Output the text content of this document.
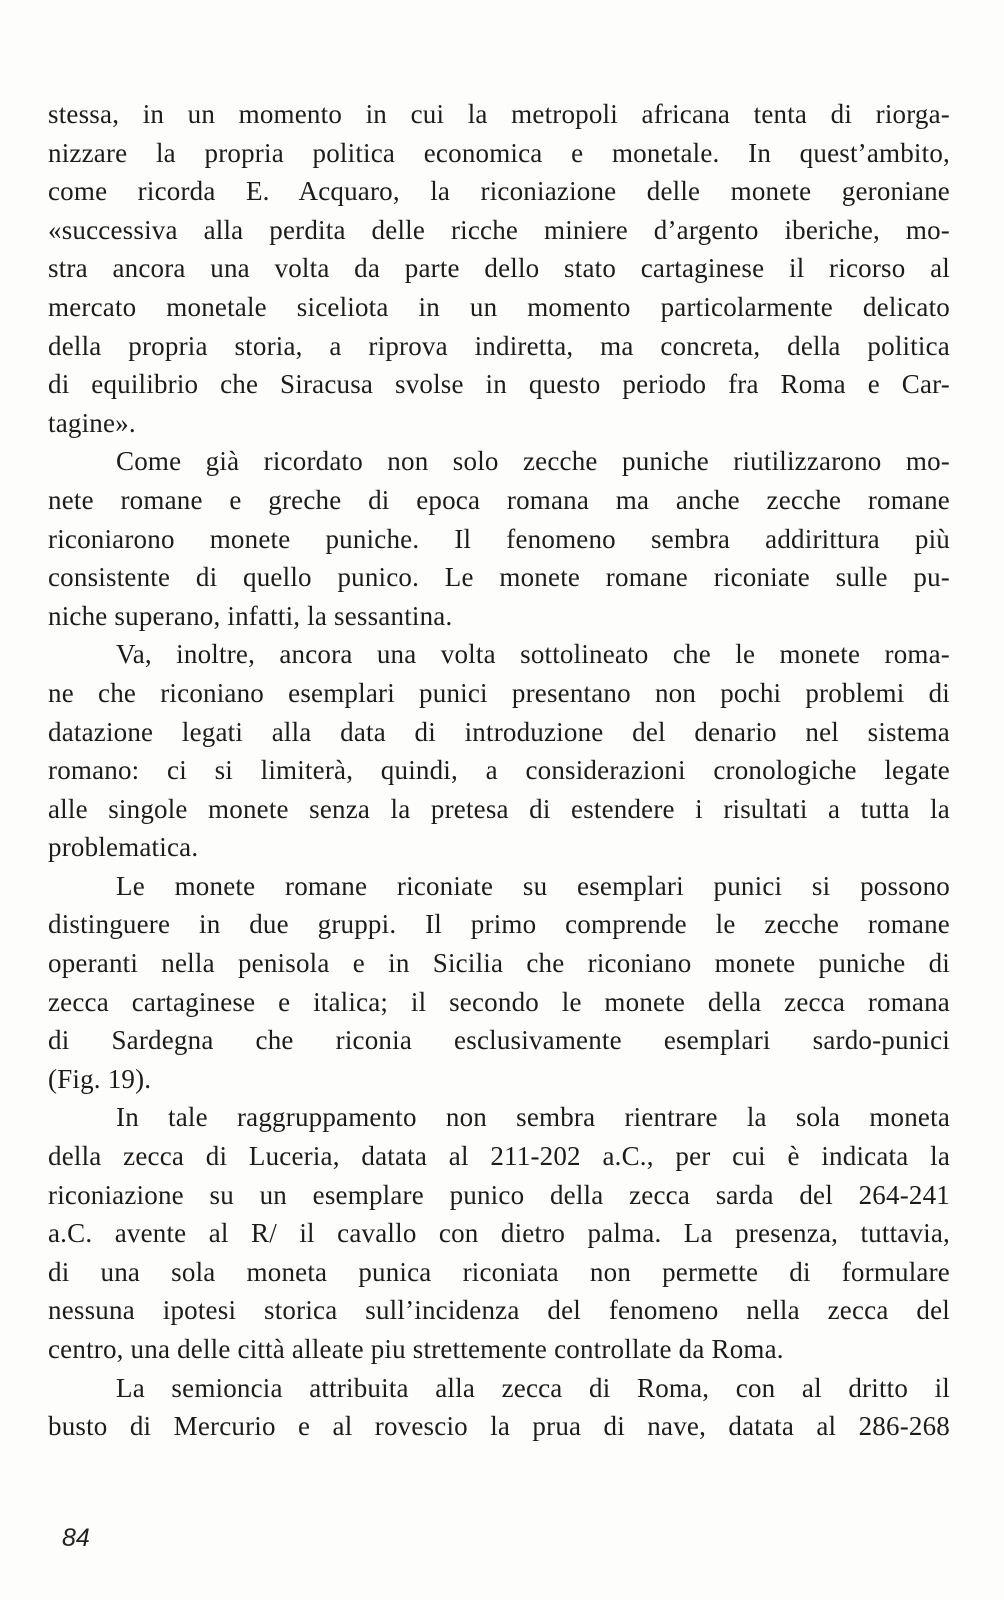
stessa, in un momento in cui la metropoli africana tenta di riorga-
nizzare la propria politica economica e monetale. In quest’ambito,
come ricorda E. Acquaro, la riconiazione delle monete geroniane
«successiva alla perdita delle ricche miniere d’argento iberiche, mo-
stra ancora una volta da parte dello stato cartaginese il ricorso al
mercato monetale siceliota in un momento particolarmente delicato
della propria storia, a riprova indiretta, ma concreta, della politica
di equilibrio che Siracusa svolse in questo periodo fra Roma e Car-
tagine».
Come già ricordato non solo zecche puniche riutilizzarono mo-
nete romane e greche di epoca romana ma anche zecche romane
riconiarono monete puniche. Il fenomeno sembra addirittura più
consistente di quello punico. Le monete romane riconiate sulle pu-
niche superano, infatti, la sessantina.
Va, inoltre, ancora una volta sottolineato che le monete roma-
ne che riconiano esemplari punici presentano non pochi problemi di
datazione legati alla data di introduzione del denario nel sistema
romano: ci si limiterà, quindi, a considerazioni cronologiche legate
alle singole monete senza la pretesa di estendere i risultati a tutta la
problematica.
Le monete romane riconiate su esemplari punici si possono
distinguere in due gruppi. Il primo comprende le zecche romane
operanti nella penisola e in Sicilia che riconiano monete puniche di
zecca cartaginese e italica; il secondo le monete della zecca romana
di Sardegna che riconia esclusivamente esemplari sardo-punici
(Fig. 19).
In tale raggruppamento non sembra rientrare la sola moneta
della zecca di Luceria, datata al 211-202 a.C., per cui è indicata la
riconiazione su un esemplare punico della zecca sarda del 264-241
a.C. avente al R/ il cavallo con dietro palma. La presenza, tuttavia,
di una sola moneta punica riconiata non permette di formulare
nessuna ipotesi storica sull’incidenza del fenomeno nella zecca del
centro, una delle città alleate piu strettemente controllate da Roma.
La semioncia attribuita alla zecca di Roma, con al dritto il
busto di Mercurio e al rovescio la prua di nave, datata al 286-268
84
